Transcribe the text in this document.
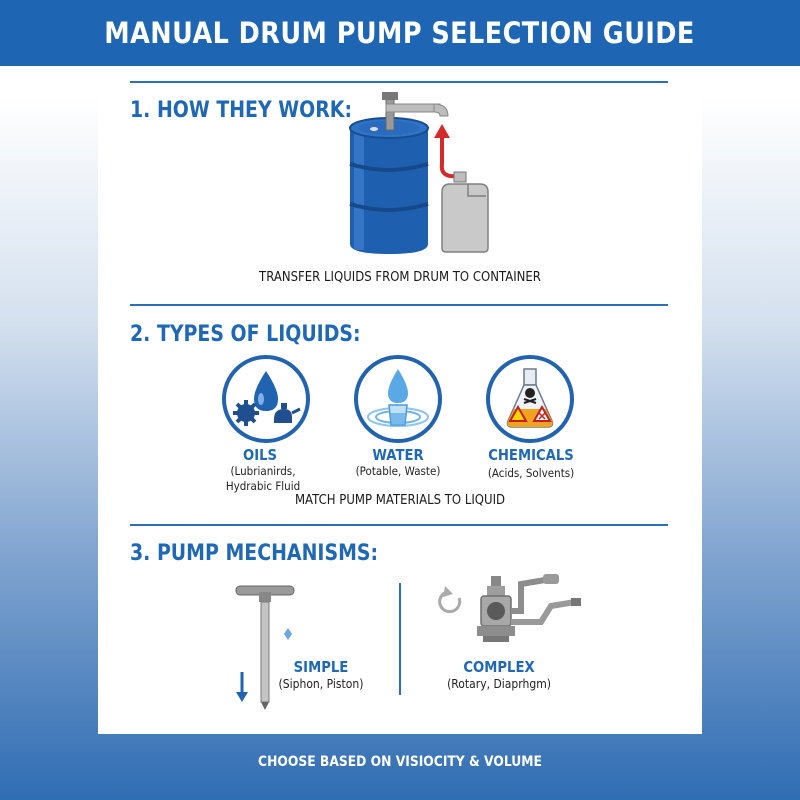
MANUAL DRUM PUMP SELECTION GUIDE
1. HOW THEY WORK:
TRANSFER LIQUIDS FROM DRUM TO CONTAINER
2. TYPES OF LIQUIDS:
OILS
(Lubrianirds,
Hydrabic Fluid
WATER
(Potable, Waste)
CHEMICALS
(Acids, Solvents)
MATCH PUMP MATERIALS TO LIQUID
3. PUMP MECHANISMS:
SIMPLE
(Siphon, Piston)
COMPLEX
(Rotary, Diaprhgm)
CHOOSE BASED ON VISIOCITY & VOLUME
